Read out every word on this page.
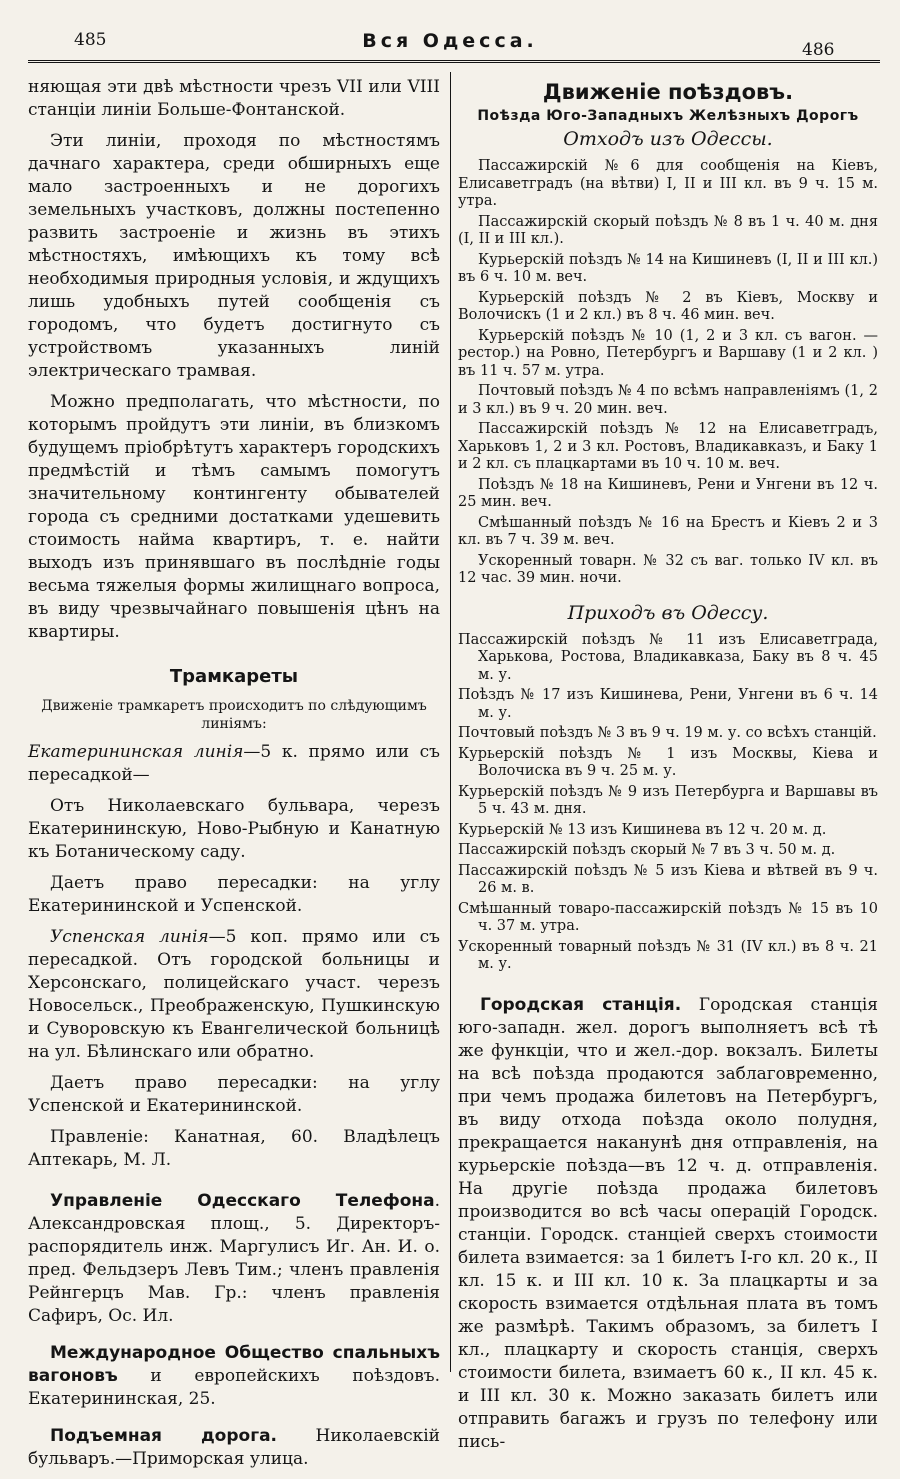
485	Вся Одесса.	486

няющая эти двѣ мѣстности чрезъ VII или VIII станціи линіи Больше-Фонтанской.

Эти линіи, проходя по мѣстностямъ дачнаго характера, среди обширныхъ еще мало застроенныхъ и не дорогихъ земельныхъ участковъ, должны постепенно развить застроеніе и жизнь въ этихъ мѣстностяхъ, имѣющихъ къ тому всѣ необходимыя природныя условія, и ждущихъ лишь удобныхъ путей сообщенія съ городомъ, что будетъ достигнуто съ устройствомъ указанныхъ линій электрическаго трамвая.

Можно предполагать, что мѣстности, по которымъ пройдутъ эти линіи, въ близкомъ будущемъ пріобрѣтутъ характеръ городскихъ предмѣстій и тѣмъ самымъ помогутъ значительному контингенту обывателей города съ средними достатками удешевить стоимость найма квартиръ, т. е. найти выходъ изъ принявшаго въ послѣдніе годы весьма тяжелыя формы жилищнаго вопроса, въ виду чрезвычайнаго повышенія цѣнъ на квартиры.

Трамкареты

Движеніе трамкаретъ происходитъ по слѣдующимъ линіямъ:

Екатерининская линія—5 к. прямо или съ пересадкой—

Отъ Николаевскаго бульвара, черезъ Екатерининскую, Ново-Рыбную и Канатную къ Ботаническому саду.

Даетъ право пересадки: на углу Екатерининской и Успенской.

Успенская линія—5 коп. прямо или съ пересадкой. Отъ городской больницы и Херсонскаго, полицейскаго участ. черезъ Новосельск., Преображенскую, Пушкинскую и Суворовскую къ Евангелической больницѣ на ул. Бѣлинскаго или обратно.

Даетъ право пересадки: на углу Успенской и Екатерининской.

Правленіе: Канатная, 60. Владѣлецъ Аптекарь, М. Л.

Управленіе Одесскаго Телефона. Александровская площ., 5. Директоръ-распорядитель инж. Маргулисъ Иг. Ан. И. о. пред. Фельдзеръ Левъ Тим.; членъ правленія Рейнгерцъ Мав. Гр.: членъ правленія Сафиръ, Ос. Ил.

Международное Общество спальныхъ вагоновъ и европейскихъ поѣздовъ. Екатерининская, 25.

Подъемная дорога. Николаевскій бульваръ.—Приморская улица.

Движеніе поѣздовъ.

Поѣзда Юго-Западныхъ Желѣзныхъ Дорогъ

Отходъ изъ Одессы.

Пассажирскій №6 для сообщенія на Кіевъ, Елисаветградъ (на вѣтви) I, II и III кл. въ 9 ч. 15 м. утра.

Пассажирскій скорый поѣздъ № 8 въ 1 ч. 40 м. дня (I, II и III кл.).

Курьерскій поѣздъ № 14 на Кишиневъ (I, II и III кл.) въ 6 ч. 10 м. веч.

Курьерскій поѣздъ № 2 въ Кіевъ, Москву и Волочискъ (1 и 2 кл.) въ 8 ч. 46 мин. веч.

Курьерскій поѣздъ № 10 (1, 2 и 3 кл. съ вагон. —рестор.) на Ровно, Петербургъ и Варшаву (1 и 2 кл. ) въ 11 ч. 57 м. утра.

Почтовый поѣздъ № 4 по всѣмъ направленіямъ (1, 2 и 3 кл.) въ 9 ч. 20 мин. веч.

Пассажирскій поѣздъ № 12 на Елисаветградъ, Харьковъ 1, 2 и 3 кл. Ростовъ, Владикавказъ, и Баку 1 и 2 кл. съ плацкартами въ 10 ч. 10 м. веч.

Поѣздъ № 18 на Кишиневъ, Рени и Унгени въ 12 ч. 25 мин. веч.

Смѣшанный поѣздъ № 16 на Брестъ и Кіевъ 2 и 3 кл. въ 7 ч. 39 м. веч.

Ускоренный товарн. № 32 съ ваг. только IV кл. въ 12 час. 39 мин. ночи.

Приходъ въ Одессу.

Пассажирскій поѣздъ № 11 изъ Елисаветграда, Харькова, Ростова, Владикавказа, Баку въ 8 ч. 45 м. у.

Поѣздъ № 17 изъ Кишинева, Рени, Унгени въ 6 ч. 14 м. у.

Почтовый поѣздъ № 3 въ 9 ч. 19 м. у. со всѣхъ станцій.

Курьерскій поѣздъ № 1 изъ Москвы, Кіева и Волочиска въ 9 ч. 25 м. у.

Курьерскій поѣздъ № 9 изъ Петербурга и Варшавы въ 5 ч. 43 м. дня.

Курьерскій № 13 изъ Кишинева въ 12 ч. 20 м. д.

Пассажирскій поѣздъ скорый № 7 въ 3 ч. 50 м. д.

Пассажирскій поѣздъ № 5 изъ Кіева и вѣтвей въ 9 ч. 26 м. в.

Смѣшанный товаро-пассажирскій поѣздъ № 15 въ 10 ч. 37 м. утра.

Ускоренный товарный поѣздъ № 31 (IV кл.) въ 8 ч. 21 м. у.

Городская станція. Городская станція юго-западн. жел. дорогъ выполняетъ всѣ тѣ же функціи, что и жел.-дор. вокзалъ. Билеты на всѣ поѣзда продаются заблаговременно, при чемъ продажа билетовъ на Петербургъ, въ виду отхода поѣзда около полудня, прекращается наканунѣ дня отправленія, на курьерскіе поѣзда—въ 12 ч. д. отправленія. На другіе поѣзда продажа билетовъ производится во всѣ часы операцій Городск. станціи. Городск. станціей сверхъ стоимости билета взимается: за 1 билетъ I-го кл. 20 к., II кл. 15 к. и III кл. 10 к. За плацкарты и за скорость взимается отдѣльная плата въ томъ же размѣрѣ. Такимъ образомъ, за билетъ I кл., плацкарту и скорость станція, сверхъ стоимости билета, взимаетъ 60 к., II кл. 45 к. и III кл. 30 к. Можно заказать билетъ или отправить багажъ и грузъ по телефону или пись-
